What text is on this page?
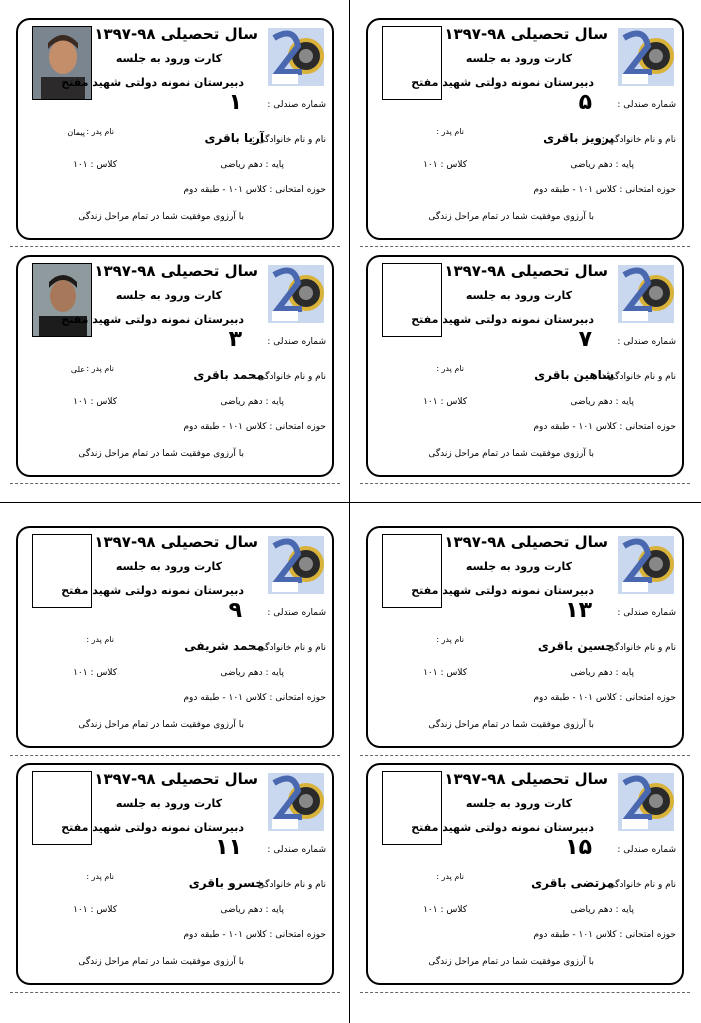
سال تحصیلی ۹۸-۱۳۹۷
کارت ورود به جلسه
دبیرستان نمونه دولتی شهید مفتح
شماره صندلی :
۵
نام و نام خانوادگی :
پرویز باقری
نام پدر :
پایه : دهم ریاضی
کلاس : ۱۰۱
حوزه امتحانی : کلاس ۱۰۱ - طبقه دوم
با آرزوی موفقیت شما در تمام مراحل زندگی
سال تحصیلی ۹۸-۱۳۹۷
کارت ورود به جلسه
دبیرستان نمونه دولتی شهید مفتح
شماره صندلی :
۱
نام و نام خانوادگی :
آریا باقری
نام پدر :
پیمان
پایه : دهم ریاضی
کلاس : ۱۰۱
حوزه امتحانی : کلاس ۱۰۱ - طبقه دوم
با آرزوی موفقیت شما در تمام مراحل زندگی
سال تحصیلی ۹۸-۱۳۹۷
کارت ورود به جلسه
دبیرستان نمونه دولتی شهید مفتح
شماره صندلی :
۷
نام و نام خانوادگی :
شاهین باقری
نام پدر :
پایه : دهم ریاضی
کلاس : ۱۰۱
حوزه امتحانی : کلاس ۱۰۱ - طبقه دوم
با آرزوی موفقیت شما در تمام مراحل زندگی
سال تحصیلی ۹۸-۱۳۹۷
کارت ورود به جلسه
دبیرستان نمونه دولتی شهید مفتح
شماره صندلی :
۳
نام و نام خانوادگی :
محمد باقری
نام پدر :
علی
پایه : دهم ریاضی
کلاس : ۱۰۱
حوزه امتحانی : کلاس ۱۰۱ - طبقه دوم
با آرزوی موفقیت شما در تمام مراحل زندگی
سال تحصیلی ۹۸-۱۳۹۷
کارت ورود به جلسه
دبیرستان نمونه دولتی شهید مفتح
شماره صندلی :
۱۳
نام و نام خانوادگی :
حسین باقری
نام پدر :
پایه : دهم ریاضی
کلاس : ۱۰۱
حوزه امتحانی : کلاس ۱۰۱ - طبقه دوم
با آرزوی موفقیت شما در تمام مراحل زندگی
سال تحصیلی ۹۸-۱۳۹۷
کارت ورود به جلسه
دبیرستان نمونه دولتی شهید مفتح
شماره صندلی :
۹
نام و نام خانوادگی :
محمد شریفی
نام پدر :
پایه : دهم ریاضی
کلاس : ۱۰۱
حوزه امتحانی : کلاس ۱۰۱ - طبقه دوم
با آرزوی موفقیت شما در تمام مراحل زندگی
سال تحصیلی ۹۸-۱۳۹۷
کارت ورود به جلسه
دبیرستان نمونه دولتی شهید مفتح
شماره صندلی :
۱۵
نام و نام خانوادگی :
مرتضی باقری
نام پدر :
پایه : دهم ریاضی
کلاس : ۱۰۱
حوزه امتحانی : کلاس ۱۰۱ - طبقه دوم
با آرزوی موفقیت شما در تمام مراحل زندگی
سال تحصیلی ۹۸-۱۳۹۷
کارت ورود به جلسه
دبیرستان نمونه دولتی شهید مفتح
شماره صندلی :
۱۱
نام و نام خانوادگی :
خسرو باقری
نام پدر :
پایه : دهم ریاضی
کلاس : ۱۰۱
حوزه امتحانی : کلاس ۱۰۱ - طبقه دوم
با آرزوی موفقیت شما در تمام مراحل زندگی
